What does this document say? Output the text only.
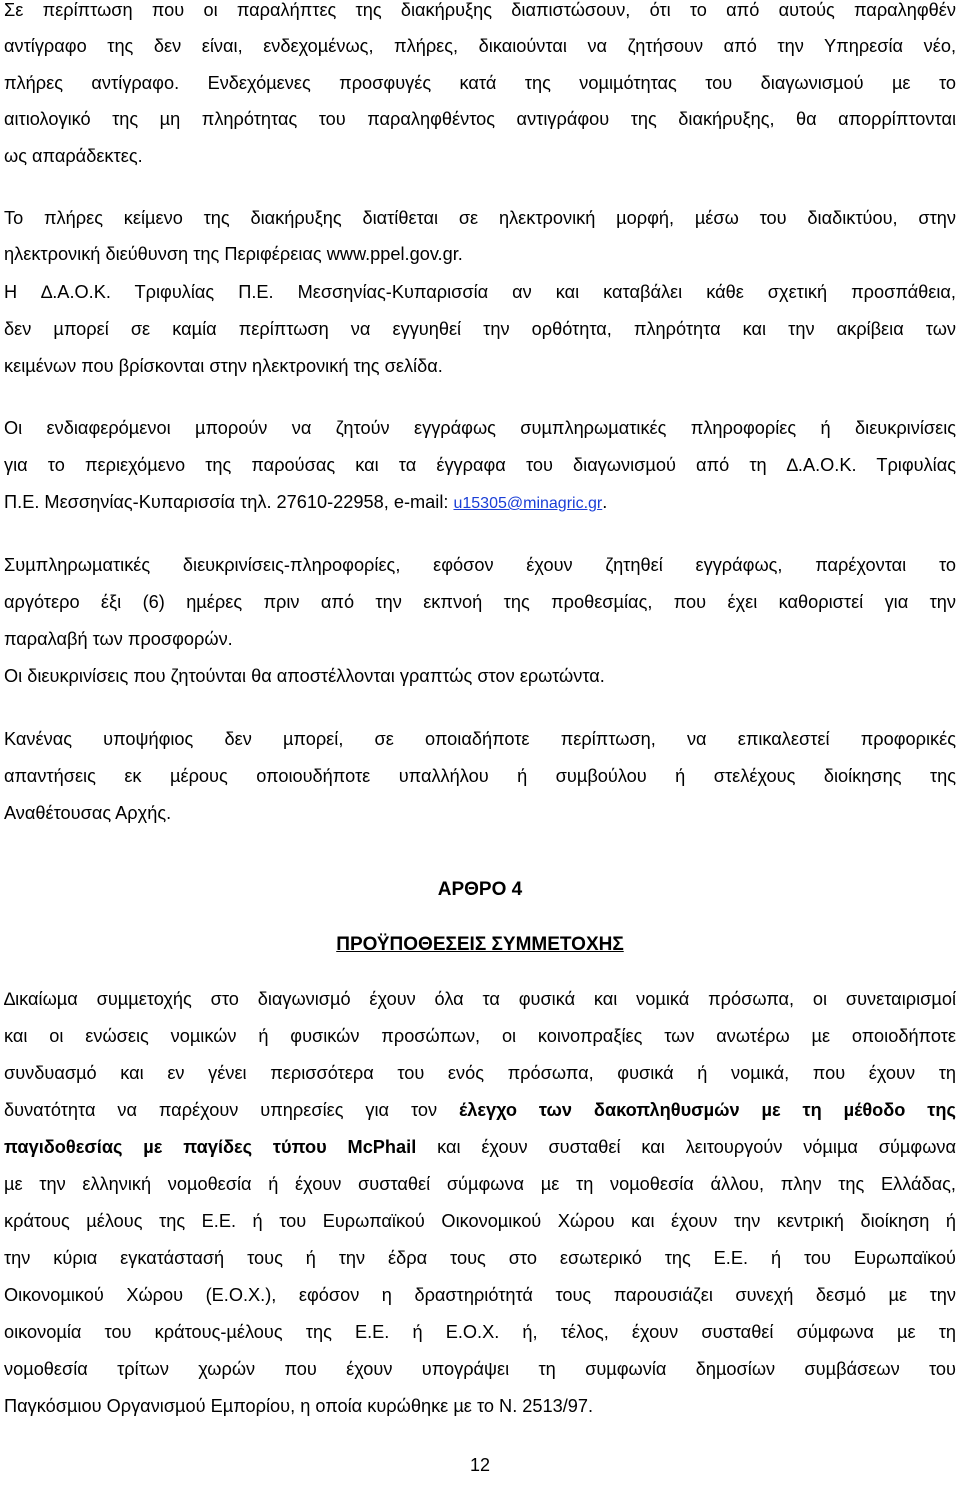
Σε περίπτωση που οι παραλήπτες της διακήρυξης διαπιστώσουν, ότι το από αυτούς παραληφθέν
αντίγραφο της δεν είναι, ενδεχοµένως, πλήρες, δικαιούνται να ζητήσουν από την Υπηρεσία νέο,
πλήρες αντίγραφο. Ενδεχόµενες προσφυγές κατά της νοµιµότητας του διαγωνισµού µε το
αιτιολογικό της µη πληρότητας του παραληφθέντος αντιγράφου της διακήρυξης, θα απορρίπτονται
ως απαράδεκτες.
Το πλήρες κείµενο της διακήρυξης διατίθεται σε ηλεκτρονική µορφή, µέσω του διαδικτύου, στην
ηλεκτρονική διεύθυνση της Περιφέρειας www.ppel.gov.gr.
Η ∆.Α.Ο.Κ. Τριφυλίας Π.Ε. Μεσσηνίας-Κυπαρισσία αν και καταβάλει κάθε σχετική προσπάθεια,
δεν µπορεί σε καµία περίπτωση να εγγυηθεί την ορθότητα, πληρότητα και την ακρίβεια των
κειµένων που βρίσκονται στην ηλεκτρονική της σελίδα.
Οι ενδιαφερόµενοι µπορούν να ζητούν εγγράφως συµπληρωµατικές πληροφορίες ή διευκρινίσεις
για το περιεχόµενο της παρούσας και τα έγγραφα του διαγωνισµού από τη ∆.Α.Ο.Κ. Τριφυλίας
Π.Ε. Μεσσηνίας-Κυπαρισσία τηλ. 27610-22958, e-mail: u15305@minagric.gr.
Συµπληρωµατικές διευκρινίσεις-πληροφορίες, εφόσον έχουν ζητηθεί εγγράφως, παρέχονται το
αργότερο έξι (6) ηµέρες πριν από την εκπνοή της προθεσµίας, που έχει καθοριστεί για την
παραλαβή των προσφορών.
Οι διευκρινίσεις που ζητούνται θα αποστέλλονται γραπτώς στον ερωτώντα.
Κανένας υποψήφιος δεν µπορεί, σε οποιαδήποτε περίπτωση, να επικαλεστεί προφορικές
απαντήσεις εκ µέρους οποιουδήποτε υπαλλήλου ή συµβούλου ή στελέχους διοίκησης της
Αναθέτουσας Αρχής.
ΑΡΘΡΟ 4
ΠΡΟΫΠΟΘΕΣΕΙΣ ΣΥΜΜΕΤΟΧΗΣ
∆ικαίωµα συµµετοχής στο διαγωνισµό έχουν όλα τα φυσικά και νοµικά πρόσωπα, οι συνεταιρισµοί
και οι ενώσεις νοµικών ή φυσικών προσώπων, οι κοινοπραξίες των ανωτέρω µε οποιοδήποτε
συνδυασµό και εν γένει περισσότερα του ενός πρόσωπα, φυσικά ή νοµικά, που έχουν τη
δυνατότητα να παρέχουν υπηρεσίες για τον έλεγχο των δακοπληθυσµών µε τη µέθοδο της
παγιδοθεσίας µε παγίδες τύπου McPhail και έχουν συσταθεί και λειτουργούν νόµιµα σύµφωνα
µε την ελληνική νοµοθεσία ή έχουν συσταθεί σύµφωνα µε τη νοµοθεσία άλλου, πλην της Ελλάδας,
κράτους µέλους της Ε.Ε. ή του Ευρωπαϊκού Οικονοµικού Χώρου και έχουν την κεντρική διοίκηση ή
την κύρια εγκατάστασή τους ή την έδρα τους στο εσωτερικό της Ε.Ε. ή του Ευρωπαϊκού
Οικονοµικού Χώρου (Ε.Ο.Χ.), εφόσον η δραστηριότητά τους παρουσιάζει συνεχή δεσµό µε την
οικονοµία του κράτους-µέλους της Ε.Ε. ή Ε.Ο.Χ. ή, τέλος, έχουν συσταθεί σύµφωνα µε τη
νοµοθεσία τρίτων χωρών που έχουν υπογράψει τη συµφωνία δηµοσίων συµβάσεων του
Παγκόσµιου Οργανισµού Εµπορίου, η οποία κυρώθηκε µε το Ν. 2513/97.
12
